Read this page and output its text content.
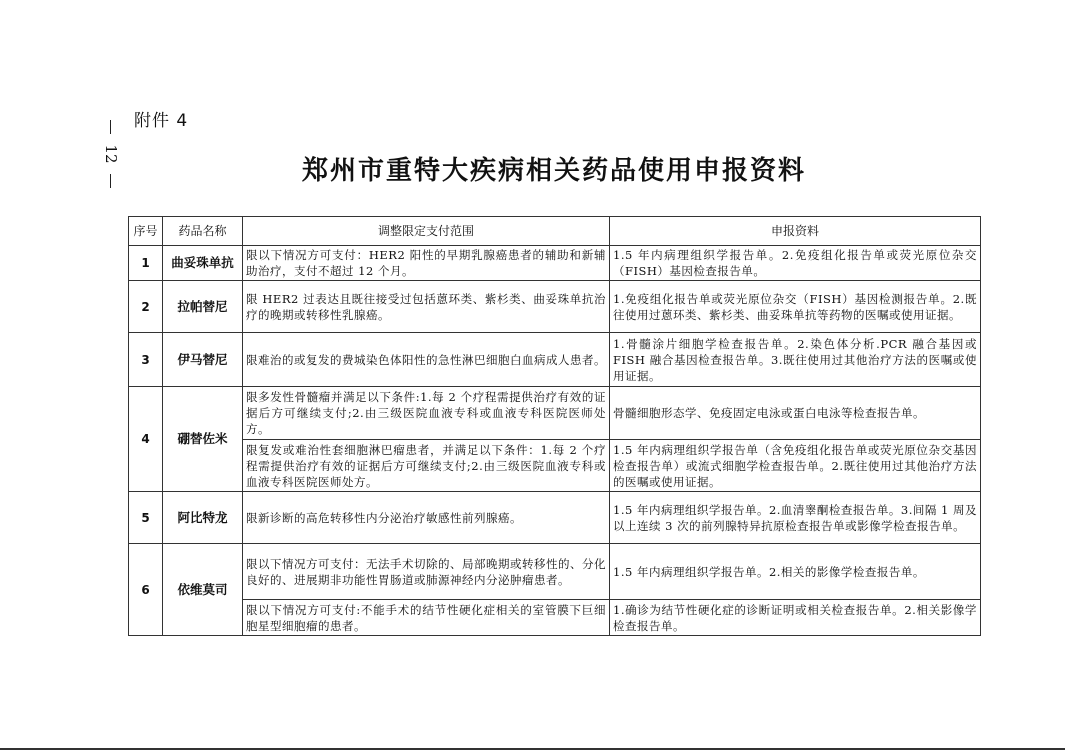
12
附件 4
郑州市重特大疾病相关药品使用申报资料
序号	药品名称	调整限定支付范围	申报资料
1	曲妥珠单抗	限以下情况方可支付：HER2 阳性的早期乳腺癌患者的辅助和新辅助治疗，支付不超过 12 个月。	1.5 年内病理组织学报告单。2.免疫组化报告单或荧光原位杂交（FISH）基因检查报告单。
2	拉帕替尼	限 HER2 过表达且既往接受过包括蒽环类、紫杉类、曲妥珠单抗治疗的晚期或转移性乳腺癌。	1.免疫组化报告单或荧光原位杂交（FISH）基因检测报告单。2.既往使用过蒽环类、紫杉类、曲妥珠单抗等药物的医嘱或使用证据。
3	伊马替尼	限难治的或复发的费城染色体阳性的急性淋巴细胞白血病成人患者。	1.骨髓涂片细胞学检查报告单。2.染色体分析.PCR 融合基因或 FISH 融合基因检查报告单。3.既往使用过其他治疗方法的医嘱或使用证据。
4	硼替佐米	限多发性骨髓瘤并满足以下条件:1.每 2 个疗程需提供治疗有效的证据后方可继续支付;2.由三级医院血液专科或血液专科医院医师处方。	骨髓细胞形态学、免疫固定电泳或蛋白电泳等检查报告单。
		限复发或难治性套细胞淋巴瘤患者，并满足以下条件：1.每 2 个疗程需提供治疗有效的证据后方可继续支付;2.由三级医院血液专科或血液专科医院医师处方。	1.5 年内病理组织学报告单（含免疫组化报告单或荧光原位杂交基因检查报告单）或流式细胞学检查报告单。2.既往使用过其他治疗方法的医嘱或使用证据。
5	阿比特龙	限新诊断的高危转移性内分泌治疗敏感性前列腺癌。	1.5 年内病理组织学报告单。2.血清睾酮检查报告单。3.间隔 1 周及以上连续 3 次的前列腺特异抗原检查报告单或影像学检查报告单。
6	依维莫司	限以下情况方可支付：无法手术切除的、局部晚期或转移性的、分化良好的、进展期非功能性胃肠道或肺源神经内分泌肿瘤患者。	1.5 年内病理组织学报告单。2.相关的影像学检查报告单。
		限以下情况方可支付:不能手术的结节性硬化症相关的室管膜下巨细胞星型细胞瘤的患者。	1.确诊为结节性硬化症的诊断证明或相关检查报告单。2.相关影像学检查报告单。
